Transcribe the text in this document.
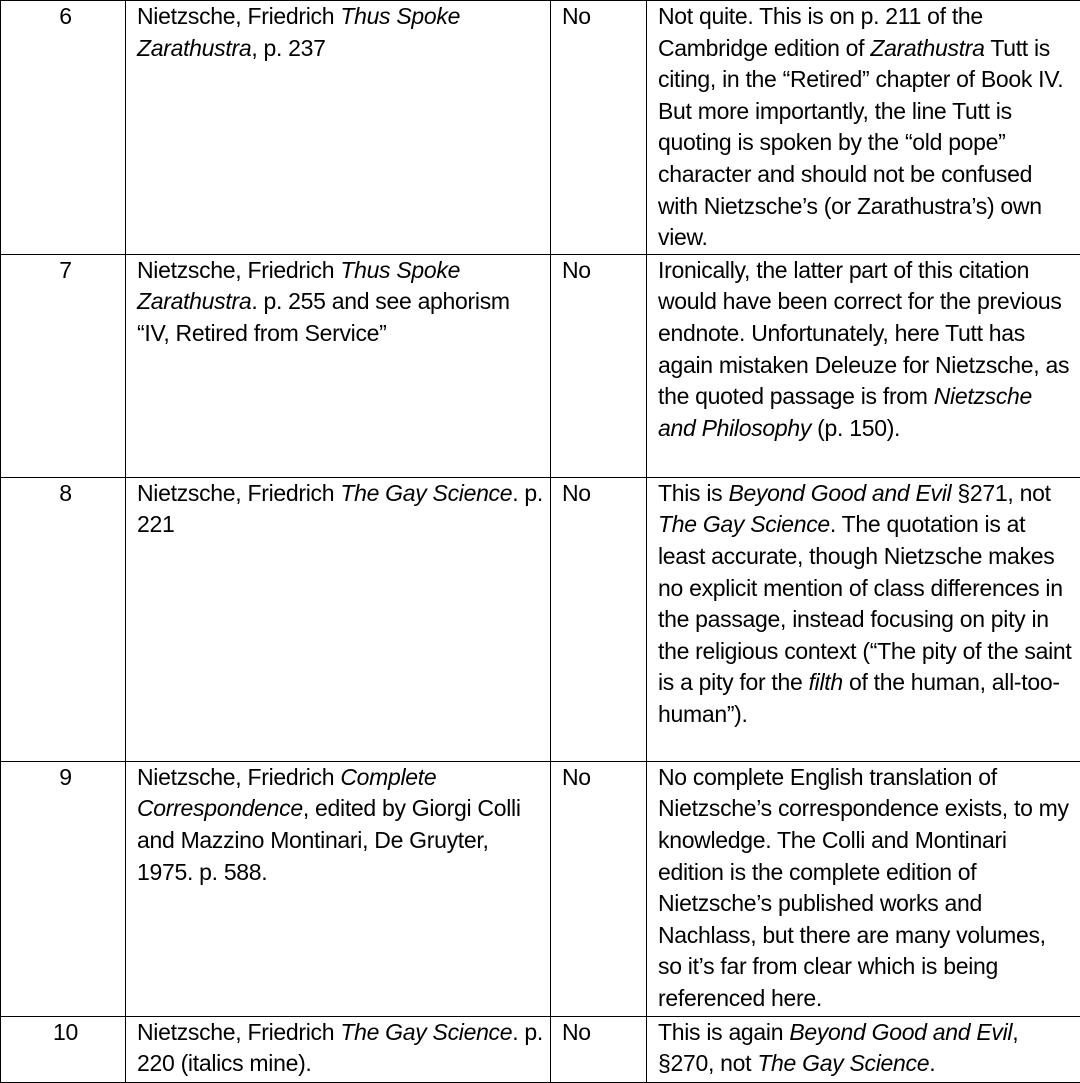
6	Nietzsche, Friedrich Thus Spoke Zarathustra, p. 237	No	Not quite. This is on p. 211 of the Cambridge edition of Zarathustra Tutt is citing, in the “Retired” chapter of Book IV. But more importantly, the line Tutt is quoting is spoken by the “old pope” character and should not be confused with Nietzsche’s (or Zarathustra’s) own view.
7	Nietzsche, Friedrich Thus Spoke Zarathustra. p. 255 and see aphorism “IV, Retired from Service”	No	Ironically, the latter part of this citation would have been correct for the previous endnote. Unfortunately, here Tutt has again mistaken Deleuze for Nietzsche, as the quoted passage is from Nietzsche and Philosophy (p. 150).
8	Nietzsche, Friedrich The Gay Science. p. 221	No	This is Beyond Good and Evil §271, not The Gay Science. The quotation is at least accurate, though Nietzsche makes no explicit mention of class differences in the passage, instead focusing on pity in the religious context (“The pity of the saint is a pity for the filth of the human, all-too-human”).
9	Nietzsche, Friedrich Complete Correspondence, edited by Giorgi Colli and Mazzino Montinari, De Gruyter, 1975. p. 588.	No	No complete English translation of Nietzsche’s correspondence exists, to my knowledge. The Colli and Montinari edition is the complete edition of Nietzsche’s published works and Nachlass, but there are many volumes, so it’s far from clear which is being referenced here.
10	Nietzsche, Friedrich The Gay Science. p. 220 (italics mine).	No	This is again Beyond Good and Evil, §270, not The Gay Science.
